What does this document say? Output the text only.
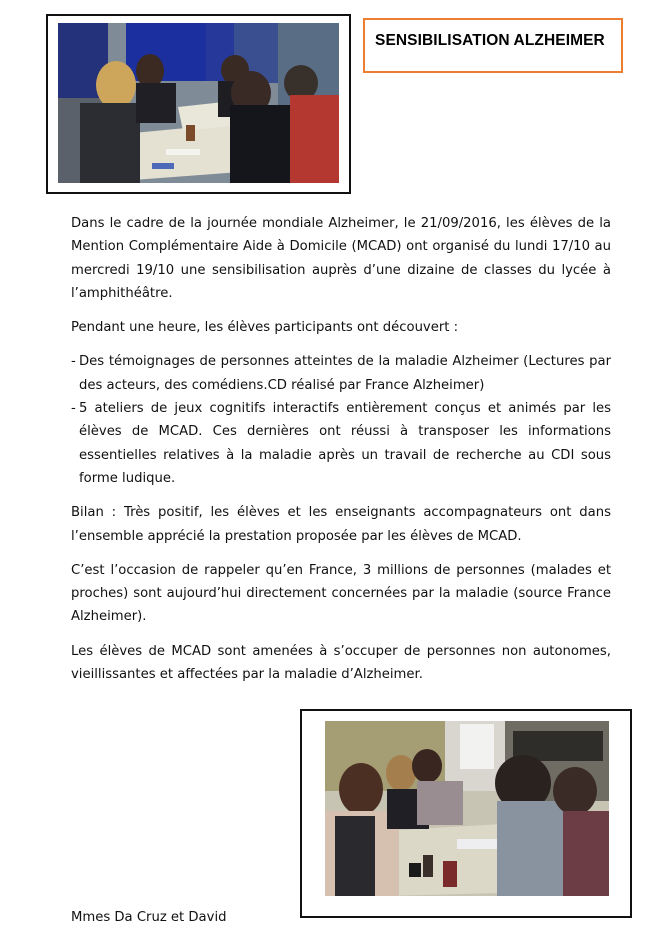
SENSIBILISATION ALZHEIMER

Dans le cadre de la journée mondiale Alzheimer, le 21/09/2016, les élèves de la Mention Complémentaire Aide à Domicile (MCAD) ont organisé du lundi 17/10 au mercredi 19/10 une sensibilisation auprès d’une dizaine de classes du lycée à l’amphithéâtre.

Pendant une heure, les élèves participants ont découvert :

- Des témoignages de personnes atteintes de la maladie Alzheimer (Lectures par des acteurs, des comédiens.CD réalisé par France Alzheimer)
- 5 ateliers de jeux cognitifs interactifs entièrement conçus et animés par les élèves de MCAD. Ces dernières ont réussi à transposer les informations essentielles relatives à la maladie après un travail de recherche au CDI sous forme ludique.

Bilan : Très positif, les élèves et les enseignants accompagnateurs ont dans l’ensemble apprécié la prestation proposée par les élèves de MCAD.

C’est l’occasion de rappeler qu’en France, 3 millions de personnes (malades et proches) sont aujourd’hui directement concernées par la maladie (source France Alzheimer).

Les élèves de MCAD sont amenées à s’occuper de personnes non autonomes, vieillissantes et affectées par la maladie d’Alzheimer.

Mmes Da Cruz et David
